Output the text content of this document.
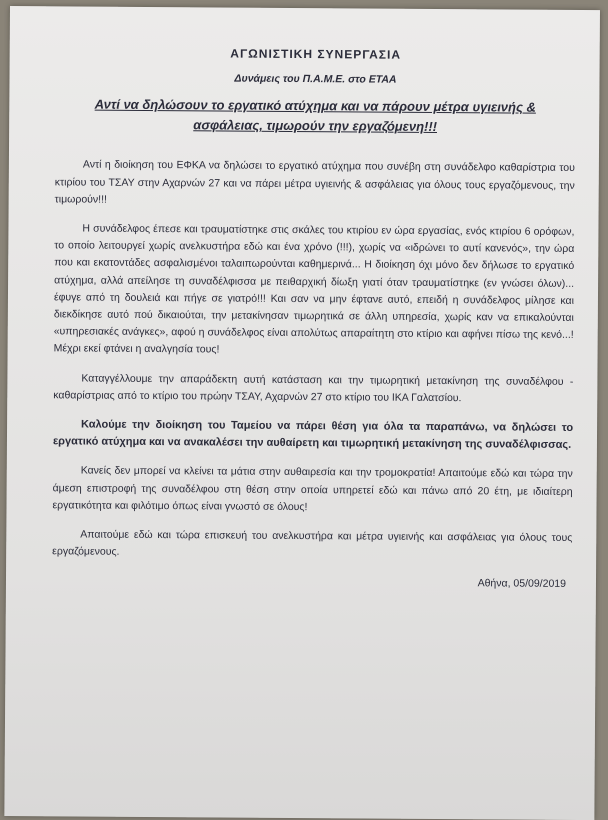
ΑΓΩΝΙΣΤΙΚΗ ΣΥΝΕΡΓΑΣΙΑ
Δυνάμεις του Π.Α.Μ.Ε. στο ΕΤΑΑ
Αντί να δηλώσουν το εργατικό ατύχημα και να πάρουν μέτρα υγιεινής & ασφάλειας, τιμωρούν την εργαζόμενη!!!

Αντί η διοίκηση του ΕΦΚΑ να δηλώσει το εργατικό ατύχημα που συνέβη στη συνάδελφο καθαρίστρια του κτιρίου του ΤΣΑΥ στην Αχαρνών 27 και να πάρει μέτρα υγιεινής & ασφάλειας για όλους τους εργαζόμενους, την τιμωρούν!!!

Η συνάδελφος έπεσε και τραυματίστηκε στις σκάλες του κτιρίου εν ώρα εργασίας, ενός κτιρίου 6 ορόφων, το οποίο λειτουργεί χωρίς ανελκυστήρα εδώ και ένα χρόνο (!!!), χωρίς να «ιδρώνει το αυτί κανενός», την ώρα που και εκατοντάδες ασφαλισμένοι ταλαιπωρούνται καθημερινά... Η διοίκηση όχι μόνο δεν δήλωσε το εργατικό ατύχημα, αλλά απείλησε τη συναδέλφισσα με πειθαρχική δίωξη γιατί όταν τραυματίστηκε (εν γνώσει όλων)... έφυγε από τη δουλειά και πήγε σε γιατρό!!! Και σαν να μην έφτανε αυτό, επειδή η συνάδελφος μίλησε και διεκδίκησε αυτό πού δικαιούται, την μετακίνησαν τιμωρητικά σε άλλη υπηρεσία, χωρίς καν να επικαλούνται «υπηρεσιακές ανάγκες», αφού η συνάδελφος είναι απολύτως απαραίτητη στο κτίριο και αφήνει πίσω της κενό...! Μέχρι εκεί φτάνει η αναλγησία τους!

Καταγγέλλουμε την απαράδεκτη αυτή κατάσταση και την τιμωρητική μετακίνηση της συναδέλφου - καθαρίστριας από το κτίριο του πρώην ΤΣΑΥ, Αχαρνών 27 στο κτίριο του ΙΚΑ Γαλατσίου.

Καλούμε την διοίκηση του Ταμείου να πάρει θέση για όλα τα παραπάνω, να δηλώσει το εργατικό ατύχημα και να ανακαλέσει την αυθαίρετη και τιμωρητική μετακίνηση της συναδέλφισσας.

Κανείς δεν μπορεί να κλείνει τα μάτια στην αυθαιρεσία και την τρομοκρατία! Απαιτούμε εδώ και τώρα την άμεση επιστροφή της συναδέλφου στη θέση στην οποία υπηρετεί εδώ και πάνω από 20 έτη, με ιδιαίτερη εργατικότητα και φιλότιμο όπως είναι γνωστό σε όλους!

Απαιτούμε εδώ και τώρα επισκευή του ανελκυστήρα και μέτρα υγιεινής και ασφάλειας για όλους τους εργαζόμενους.

Αθήνα, 05/09/2019
